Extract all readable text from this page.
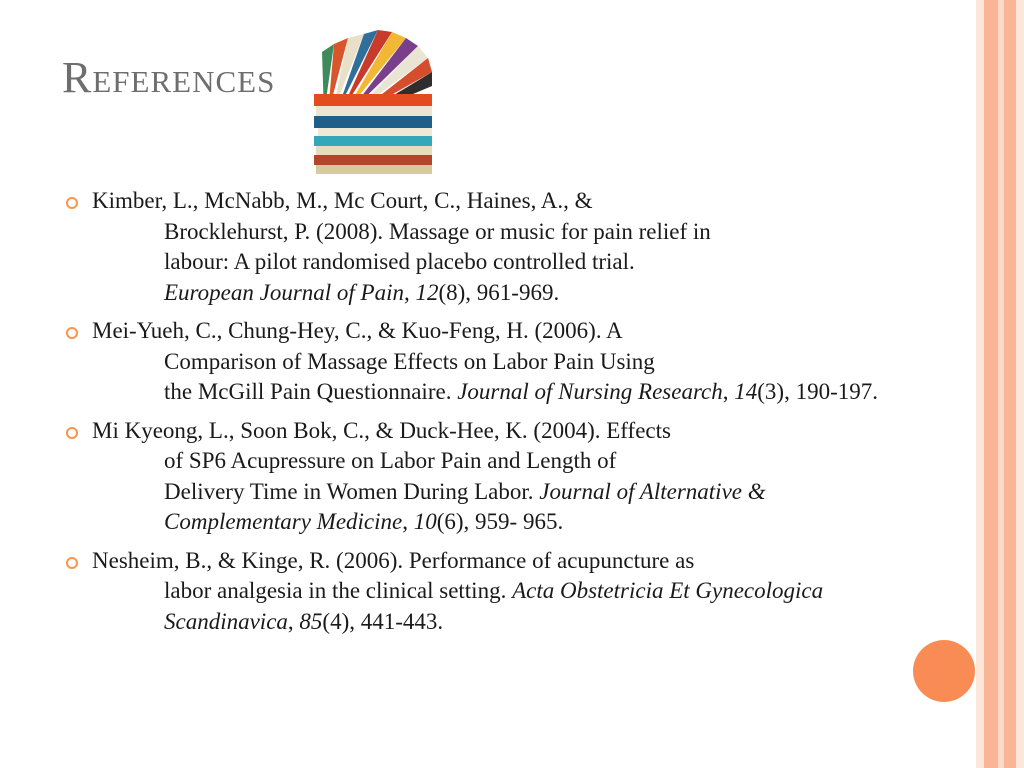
References
Kimber, L., McNabb, M., Mc Court, C., Haines, A., &
Brocklehurst, P. (2008). Massage or music for pain relief in
labour: A pilot randomised placebo controlled trial.
European Journal of Pain, 12(8), 961-969.
Mei-Yueh, C., Chung-Hey, C., & Kuo-Feng, H. (2006). A
Comparison of Massage Effects on Labor Pain Using
the McGill Pain Questionnaire. Journal of Nursing Research, 14(3), 190-197.
Mi Kyeong, L., Soon Bok, C., & Duck-Hee, K. (2004). Effects
of SP6 Acupressure on Labor Pain and Length of
Delivery Time in Women During Labor. Journal of Alternative & Complementary Medicine, 10(6), 959- 965.
Nesheim, B., & Kinge, R. (2006). Performance of acupuncture as
labor analgesia in the clinical setting. Acta Obstetricia Et Gynecologica Scandinavica, 85(4), 441-443.
